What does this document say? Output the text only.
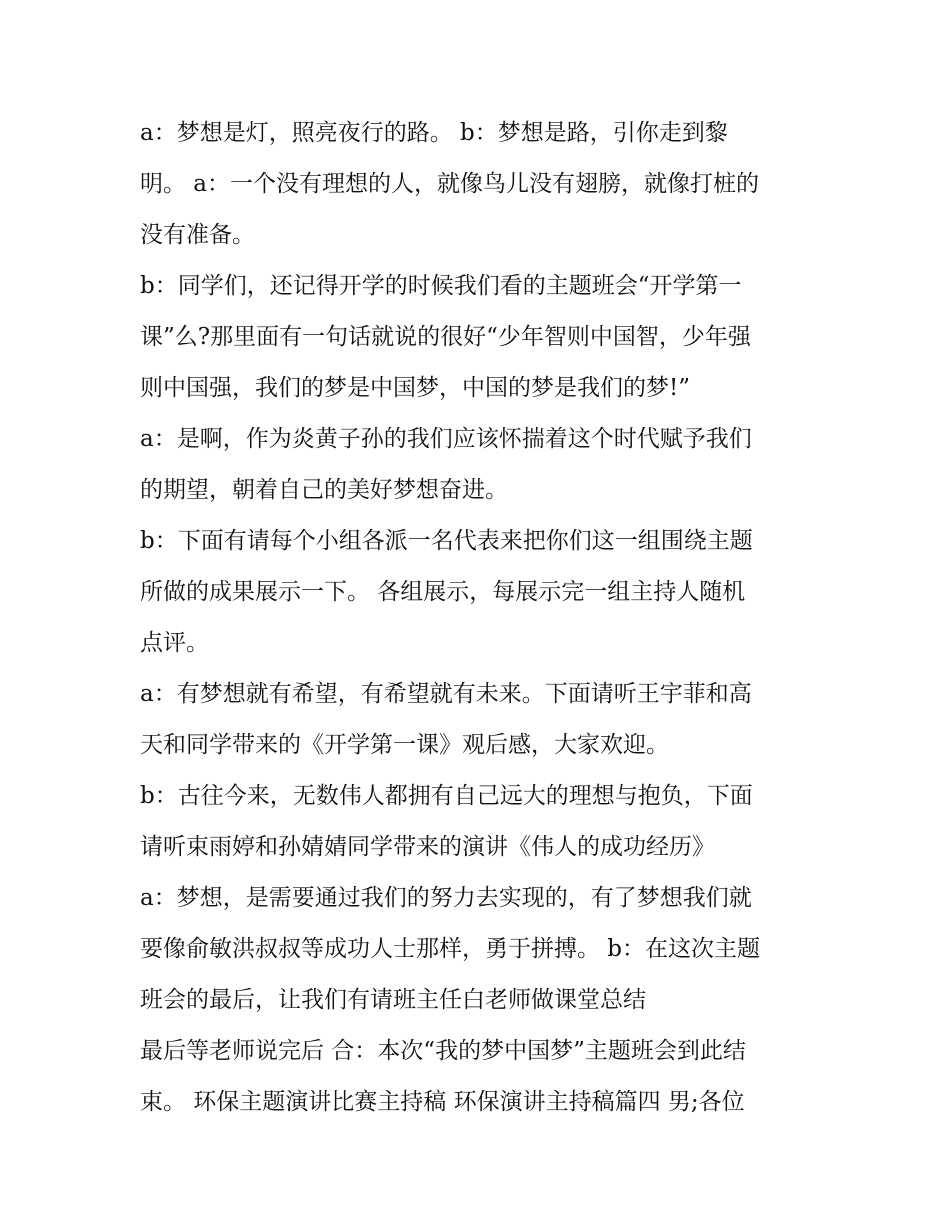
a：梦想是灯，照亮夜行的路。 b：梦想是路，引你走到黎
明。 a：一个没有理想的人，就像鸟儿没有翅膀，就像打桩的
没有准备。
b：同学们，还记得开学的时候我们看的主题班会“开学第一
课”么?那里面有一句话就说的很好“少年智则中国智，少年强
则中国强，我们的梦是中国梦，中国的梦是我们的梦!”
a：是啊，作为炎黄子孙的我们应该怀揣着这个时代赋予我们
的期望，朝着自己的美好梦想奋进。
b：下面有请每个小组各派一名代表来把你们这一组围绕主题
所做的成果展示一下。 各组展示，每展示完一组主持人随机
点评。
a：有梦想就有希望，有希望就有未来。下面请听王宇菲和高
天和同学带来的《开学第一课》观后感，大家欢迎。
b：古往今来，无数伟人都拥有自己远大的理想与抱负，下面
请听束雨婷和孙婧婧同学带来的演讲《伟人的成功经历》
a：梦想，是需要通过我们的努力去实现的，有了梦想我们就
要像俞敏洪叔叔等成功人士那样，勇于拼搏。 b：在这次主题
班会的最后，让我们有请班主任白老师做课堂总结
最后等老师说完后 合：本次“我的梦中国梦”主题班会到此结
束。 环保主题演讲比赛主持稿 环保演讲主持稿篇四 男;各位
